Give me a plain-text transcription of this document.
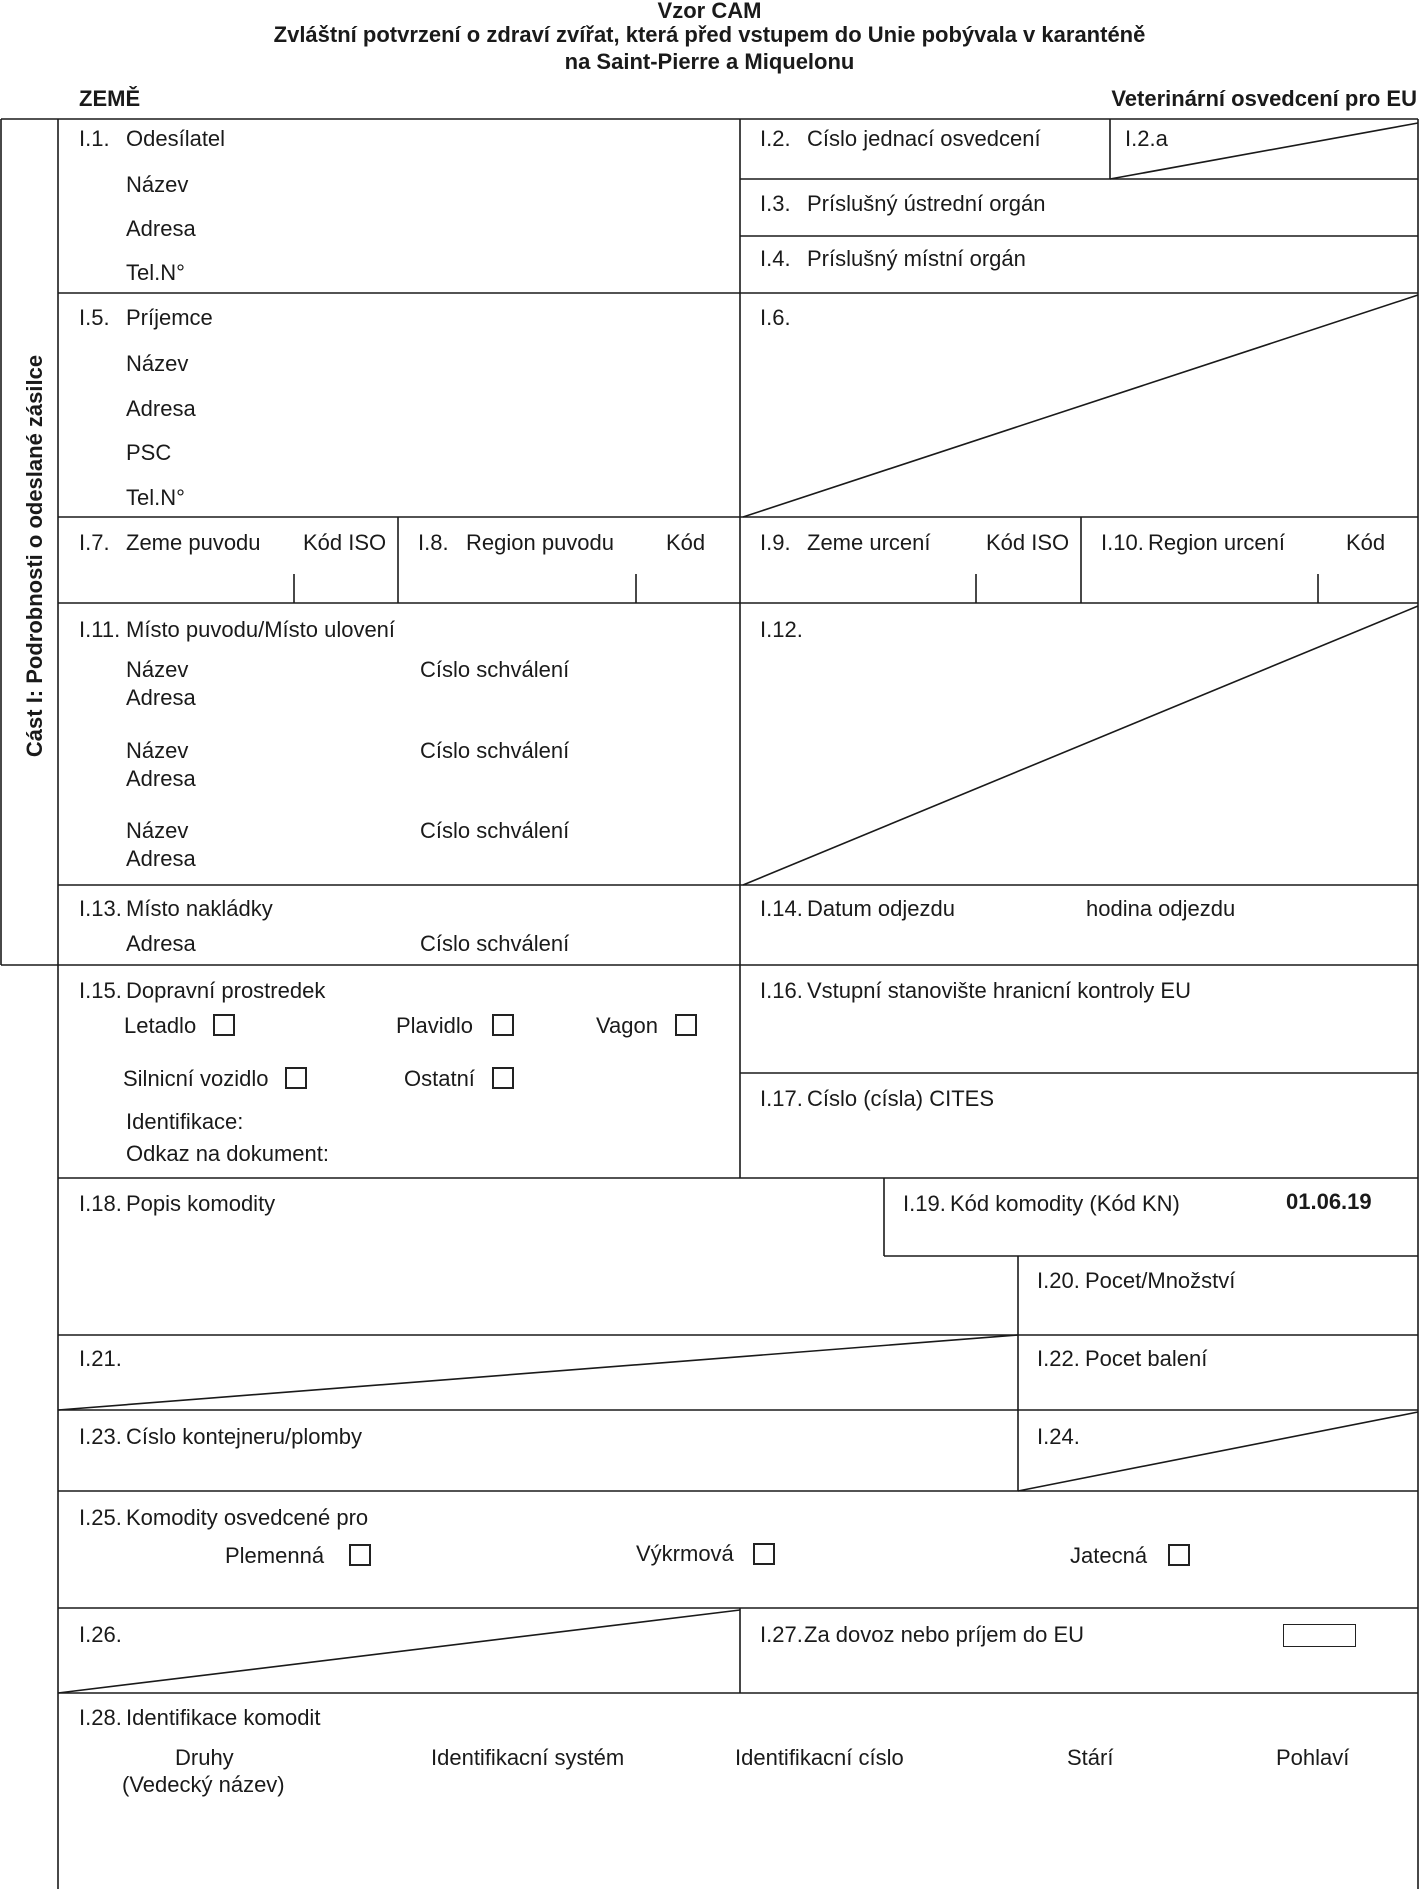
Vzor CAM
Zvláštní potvrzení o zdraví zvířat, která před vstupem do Unie pobývala v karanténě
na Saint-Pierre a Miquelonu
ZEMĚ	Veterinární osvedcení pro EU
Cást I: Podrobnosti o odeslané zásilce
I.1. Odesílatel
Název
Adresa
Tel.N°
I.2. Císlo jednací osvedcení	I.2.a
I.3. Príslušný ústrední orgán
I.4. Príslušný místní orgán
I.5. Príjemce
Název
Adresa
PSC
Tel.N°
I.6.
I.7. Zeme puvodu Kód ISO I.8. Region puvodu Kód I.9. Zeme urcení	Kód ISO I.10. Region urcení	Kód
I.11. Místo puvodu/Místo ulovení
Název	Císlo schválení
Adresa
Název	Císlo schválení
Adresa
Název	Císlo schválení
Adresa
I.12.
I.13. Místo nakládky
Adresa	Císlo schválení
I.14. Datum odjezdu	hodina odjezdu
I.15. Dopravní prostredek
Letadlo	Plavidlo	Vagon
Silnicní vozidlo	Ostatní
Identifikace:
Odkaz na dokument:
I.16. Vstupní stanovište hranicní kontroly EU
I.17. Císlo (císla) CITES
I.18. Popis komodity	I.19. Kód komodity (Kód KN)	01.06.19
I.20. Pocet/Množství
I.21.	I.22. Pocet balení
I.23. Císlo kontejneru/plomby	I.24.
I.25. Komodity osvedcené pro
Plemenná	Výkrmová	Jatecná
I.26.	I.27. Za dovoz nebo príjem do EU
I.28. Identifikace komodit
Druhy
(Vedecký název)
Identifikacní systém	Identifikacní císlo	Stárí	Pohlaví
